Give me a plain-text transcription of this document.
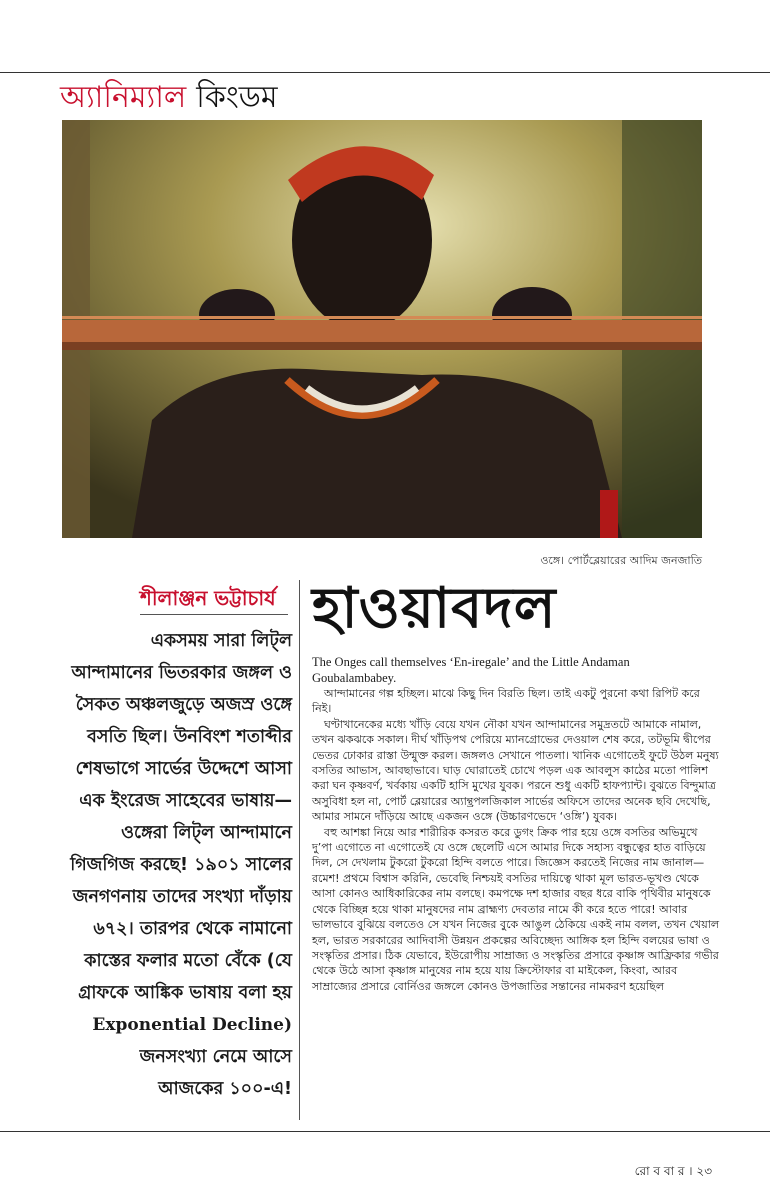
অ্যানিম্যাল কিংডম
ওঙ্গে। পোর্টব্লেয়ারের আদিম জনজাতি
শীলাঞ্জন ভট্টাচার্য

একসময় সারা লিট্‌ল আন্দামানের ভিতরকার জঙ্গল ও সৈকত অঞ্চলজুড়ে অজস্র ওঙ্গে বসতি ছিল। উনবিংশ শতাব্দীর শেষভাগে সার্ভের উদ্দেশে আসা এক ইংরেজ সাহেবের ভাষায়— ওঙ্গেরা লিট্‌ল আন্দামানে গিজগিজ করছে! ১৯০১ সালের জনগণনায় তাদের সংখ্যা দাঁড়ায় ৬৭২। তারপর থেকে নামানো কাস্তের ফলার মতো বেঁকে (যে গ্রাফকে আঙ্কিক ভাষায় বলা হয়
Exponential Decline)
জনসংখ্যা নেমে আসে আজকের ১০০-এ!

হাওয়াবদল
The Onges call themselves ‘En-iregale’ and the Little Andaman Goubalambabey.

আন্দামানের গল্প হচ্ছিল। মাঝে কিছু দিন বিরতি ছিল। তাই একটু পুরনো কথা রিপিট করে নিই।

ঘণ্টাখানেকের মধ্যে খাঁড়ি বেয়ে যখন নৌকা যখন আন্দামানের সমুদ্রতটে আমাকে নামাল, তখন ঝকঝকে সকাল। দীর্ঘ খাঁড়িপথ পেরিয়ে ম্যানগ্রোভের দেওয়াল শেষ করে, তটভূমি দ্বীপের ভেতর ঢোকার রাস্তা উন্মুক্ত করল। জঙ্গলও সেখানে পাতলা। খানিক এগোতেই ফুটে উঠল মনুষ্য বসতির আভাস, আবছাভাবে। ঘাড় ঘোরাতেই চোখে পড়ল এক আবলুস কাঠের মতো পালিশ করা ঘন কৃষ্ণবর্ণ, খর্বকায় একটি হাসি মুখের যুবক। পরনে শুধু একটি হাফপ্যান্ট। বুঝতে বিন্দুমাত্র অসুবিধা হল না, পোর্ট ব্লেয়ারের অ্যান্থ্রপলজিকাল সার্ভের অফিসে তাদের অনেক ছবি দেখেছি, আমার সামনে দাঁড়িয়ে আছে একজন ওঙ্গে (উচ্চারণভেদে ‘ওঙ্গি’) যুবক।

বহু আশঙ্কা নিয়ে আর শারীরিক কসরত করে ডুগং ক্রিক পার হয়ে ওঙ্গে বসতির অভিমুখে দু’পা এগোতে না এগোতেই যে ওঙ্গে ছেলেটি এসে আমার দিকে সহাস্য বন্ধুত্বের হাত বাড়িয়ে দিল, সে দেখলাম টুকরো টুকরো হিন্দি বলতে পারে। জিজ্ঞেস করতেই নিজের নাম জানাল— রমেশ! প্রথমে বিশ্বাস করিনি, ভেবেছি নিশ্চয়ই বসতির দায়িত্বে থাকা মূল ভারত-ভূখণ্ড থেকে আসা কোনও আধিকারিকের নাম বলছে। কমপক্ষে দশ হাজার বছর ধরে বাকি পৃথিবীর মানুষকে থেকে বিচ্ছিন্ন হয়ে থাকা মানুষদের নাম ব্রাহ্মণ্য দেবতার নামে কী করে হতে পারে! আবার ভালভাবে বুঝিয়ে বলতেও সে যখন নিজের বুকে আঙুল ঠেকিয়ে একই নাম বলল, তখন খেয়াল হল, ভারত সরকারের আদিবাসী উন্নয়ন প্রকল্পের অবিচ্ছেদ্য আঙ্গিক হল হিন্দি বলয়ের ভাষা ও সংস্কৃতির প্রসার। ঠিক যেভাবে, ইউরোপীয় সাম্রাজ্য ও সংস্কৃতির প্রসারে কৃষ্ণাঙ্গ আফ্রিকার গভীর থেকে উঠে আসা কৃষ্ণাঙ্গ মানুষের নাম হয়ে যায় ক্রিস্টোফার বা মাইকেল, কিংবা, আরব সাম্রাজ্যের প্রসারে বোর্নিওর জঙ্গলে কোনও উপজাতির সন্তানের নামকরণ হয়েছিল

রো ব বা র । ২৩
